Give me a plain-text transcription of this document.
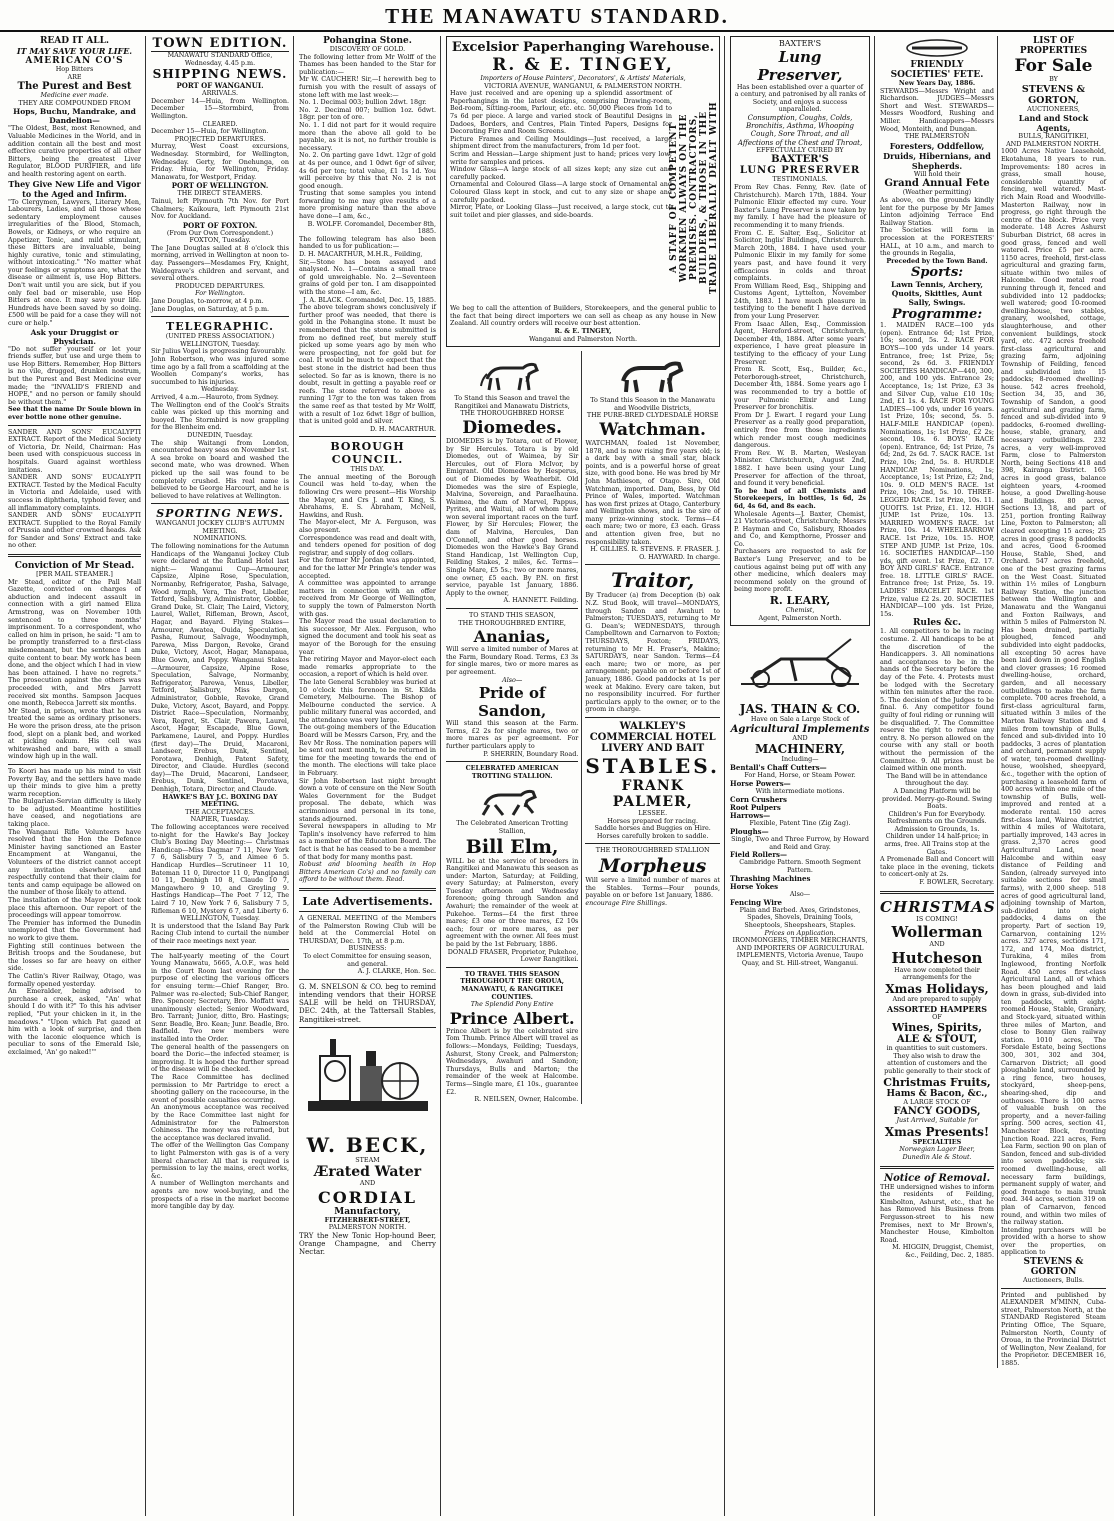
THE MANAWATU STANDARD.
READ IT ALL.
IT MAY SAVE YOUR LIFE.
AMERICAN CO'S
Hop Bitters
ARE
The Purest and Best
Medicine ever made.
THEY ARE COMPOUNDED FROM
Hops, Buchu, Mandrake, and Dandelion—
"The Oldest, Best, most Renowned, and Valuable Medicines in the World, and in addition contain all the best and most effective curative properties of all other Bitters, being the greatest Liver Regulator, BLOOD PURIFIER, and life and health restoring agent on earth.
They Give New Life and Vigor to the Aged and Infirm.
"To Clergymen, Lawyers, Literary Men, Labourers, Ladies, and all those whose sedentary employment causes irregularities of the Blood, Stomach, Bowels, or Kidneys, or who require an Appetizer, Tonic, and mild stimulant, these Bitters are invaluable, being highly curative, tonic and stimulating, without intoxicating." "No matter what your feelings or symptoms are, what the disease or ailment is, use Hop Bitters. Don't wait until you are sick, but if you only feel bad or miserable, use Hop Bitters at once. It may save your life. Hundreds have been saved by so doing. £500 will be paid for a case they will not cure or help."
Ask your Druggist or Physician.
"Do not suffer yourself or let your friends suffer, but use and urge them to use Hop Bitters. Remember, Hop Bitters is no vile, drugged, drunken nostrum, but the Purest and Best Medicine ever made; the "INVALID'S FRIEND and HOPE," and no person or family should be without them."
See that the name Dr Soule blown in ever bottle none other genuine.
SANDER AND SONS' EUCALYPTI EXTRACT. Report of the Medical Society of Victoria, Dr. Neild, Chairman: Has been used with conspicuous success in hospitals. Guard against worthless imitations.
SANDER AND SONS' EUCALYPTI EXTRACT. Tested by the Medical Faculty in Victoria and Adelaide, used with success in diphtheria, typhoid fever, and all inflammatory complaints.
SANDER AND SONS' EUCALYPTI EXTRACT. Supplied to the Royal Family of Prussia and other crowned heads. Ask for Sander and Sons' Extract and take no other.
Conviction of Mr Stead.
[PER MAIL STEAMER.]
Mr Stead, editor of the Pall Mall Gazette, convicted on charges of abduction and indecent assault in connection with a girl named Eliza Armstrong, was on November 10th sentenced to three months' imprisonment. To a correspondent, who called on him in prison, he said: "I am to be promptly transferred to a first-class misdemeanant, but the sentence I am quite content to bear. My work has been done, and the object which I had in view has been attained. I have no regrets." The prosecution against the others was proceeded with, and Mrs Jarrett received six months. Sampson Jacques one month, Rebecca Jarrett six months.
Mr Stead, in prison, wrote that he was treated the same as ordinary prisoners. He wore the prison dress, ate the prison food, slept on a plank bed, and worked at picking oakum. His cell was whitewashed and bare, with a small window high up in the wall.
To Koori has made up his mind to visit Poverty Bay, and the settlers have made up their minds to give him a pretty warm reception.
The Bulgarian-Servian difficulty is likely to be adjusted. Meantime hostilities have ceased, and negotiations are taking place.
The Wanganui Rifle Volunteers have resolved that the Hon the Defence Minister having sanctioned an Easter Encampment at Wanganui, the Volunteers of the district cannot accept any invitation elsewhere, and respectfully contend that their claim for tents and camp equipage be allowed on the number of those likely to attend.
The installation of the Mayor elect took place this afternoon. Our report of the proceedings will appear tomorrow.
The Premier has informed the Dunedin unemployed that the Government had no work to give them.
Fighting still continues between the British troops and the Soudanese, but the losses so far are heavy on either side.
The Catlin's River Railway, Otago, was formally opened yesterday.
An Emeralder, being advised to purchase a creek, asked, "An' what should I do with it?" To this his adviser replied, "Put your chicken in it, in the meadows." "Upon which Pat gazed at him with a look of surprise, and then with the laconic eloquence which is peculiar to sons of the Emerald Isle, exclaimed, 'An' go naked!'"
TOWN EDITION.
MANAWATU STANDARD Office, Wednesday, 4.45 p.m.
SHIPPING NEWS.
PORT OF WANGANUI.
ARRIVALS.
December 14—Huia, from Wellington. December 15—Stormbird, from Wellington.
CLEARED.
December 15—Huia, for Wellington.
PROJECTED DEPARTURES.
Murray, West Coast excursions, Wednesday. Stormbird, for Wellington, Wednesday. Gerty, for Onehunga, on Friday. Huia, for Wellington, Friday. Manawatu, for Westport, Friday.
PORT OF WELLINGTON.
THE DIRECT STEAMERS.
Tainui, left Plymouth 7th Nov. for Port Chalmers; Kaikoura, left Plymouth 21st Nov. for Auckland.
PORT OF FOXTON.
(From Our Own Correspondent.)
FOXTON, Tuesday.
The Jane Douglas sailed at 8 o'clock this morning, arrived in Wellington at noon to-day. Passengers—Mesdames Fry, Knight, Waldegrave's children and servant, and several others.
PRODUCED DEPARTURES.
For Wellington.
Jane Douglas, to-morrow, at 4 p.m.
Jane Douglas, on Saturday, at 5 p.m.
TELEGRAPHIC.
(UNITED PRESS ASSOCIATION.)
WELLINGTON, Tuesday.
Sir Julius Vogel is progressing favourably.
John Robertson, who was injured some time ago by a fall from a scaffolding at the Woollen Company's works, has succumbed to his injuries.
Wednesday.
Arrived, 4 a.m.—Hauroto, from Sydney.
The Wellington end of the Cook's Straits cable was picked up this morning and buoyed. The Stormbird is now grappling for the Blenheim end.
DUNEDIN, Tuesday.
The ship Waitangi from London, encountered heavy seas on November 1st. A sea broke on board and washed the second mate, who was drowned. When picked up the sail was found to be completely crushed. His real name is believed to be George Harcourt, and he is believed to have relatives at Wellington.
SPORTING NEWS.
WANGANUI JOCKEY CLUB'S AUTUMN MEETING.
NOMINATIONS.
The following nominations for the Autumn Handicaps of the Wanganui Jockey Club were declared at the Rutland Hotel last night:— Wanganui Cup—Armourer, Capsize, Alpine Rose, Speculation, Normanby, Refrigerator, Pasha, Salvage, Wood nymph, Vera, The Poet, Libeller, Tetford, Salisbury, Administrator, Gobble, Grand Duke, St. Clair, The Laird, Victory, Laurel, Wallet, Rifleman, Brown, Ascot, Hagar, and Bayard. Flying Stakes—Armourer, Awatea, Ouida, Speculation, Pasha, Rumour, Salvage, Woodnymph, Parewa, Miss Dargon, Revoke, Grand Duke, Victory, Ascot, Hagar, Manapaua, Blue Gown, and Poppy. Wanganui Stakes—Armourer, Capsize, Alpine Rose, Speculation, Salvage, Normanby, Refrigerator, Parewa, Venus, Libeller, Tetford, Salisbury, Miss Dargon, Administrator, Gobble, Revoke, Grand Duke, Victory, Ascot, Bayard, and Poppy. District Race—Speculation, Normanby, Vera, Regret, St. Clair, Pawera, Laurel, Ascot, Hagar, Escapade, Blue Gown, Parkamene, Laurel, and Poppy. Hurdles (first day)—The Druid, Macaroni, Landseer, Erebus, Dunk, Sentinel, Porotawa, Denhigh, Patent Safety, Director, and Claude. Hurdles (second day)—The Druid, Macaroni, Landseer, Erebus, Dunk, Sentinel, Porotawa, Denhigh, Totara, Director, and Claude.
HAWKE'S BAY J.C. BOXING DAY MEETING.
THE ACCEPTANCES.
NAPIER, Tuesday.
The following acceptances were received to-night for the Hawke's Bay Jockey Club's Boxing Day Meeting:— Christmas Handicap—Miss Dagmar 7 11, New York 7 6, Salisbury 7 5, and Aimee 6 5. Handicap Hurdles—Scrutineer 11 10, Bateman 11 0, Director 11 0, Pangipangi 10 11, Denhigh 10 8, Claude 10 7, Mangawhero 9 10, and Greyling 9. Hastings Handicap—The Poet 7 12, The Laird 7 10, New York 7 6, Salisbury 7 5, Rifleman 6 10, Mystery 6 7, and Liberty 6.
WELLINGTON, Tuesday.
It is understood that the Island Bay Park Racing Club intend to curtail the number of their race meetings next year.
The half-yearly meeting of the Court Young Manawatu, 5665, A.O.F., was held in the Court Room last evening for the purpose of electing the various officers for ensuing term:—Chief Ranger, Bro. Palmer was re-elected; Sub-Chief Ranger, Bro. Spencer; Secretary, Bro. Moffatt was unanimously elected; Senior Woodward, Bro. Tarrant; Junior, ditto, Bro. Hastings; Senr. Beadle, Bro. Kean; Junr. Beadle, Bro. Badfield. Two new members were installed into the Order.
The general health of the passengers on board the Doric—the infected steamer, is improving. It is hoped the further spread of the disease will be checked.
The Race Committee has declined permission to Mr Partridge to erect a shooting gallery on the racecourse, in the event of possible casualties occurring.
An anonymous acceptance was received by the Race Committee last night for Administrator for the Palmerston Cohiness. The money was returned, but the acceptance was declared invalid.
The offer of the Wellington Gas Company to light Palmerston with gas is of a very liberal character. All that is required is permission to lay the mains, erect works, &c.
A number of Wellington merchants and agents are now wool-buying, and the prospects of a rise in the market become more tangible day by day.
Pohangina Stone.
DISCOVERY OF GOLD.
The following letter from Mr Wolff of the Thames has been handed to the Star for publication:—
Mr W. CAUCHER! Sir,—I herewith beg to furnish you with the result of assays of stone left with me last week:—
No. 1. Decimal 003; bullion 2dwt. 18gr.
No. 2. Decimal 007; bullion 1oz. 6dwt. 18gr. per ton of ore.
No. 1. I did not part for it would require more than the above all gold to be payable, as it is not, no further trouble is necessary.
No. 2. On parting gave 1dwt. 12gr of gold at 4s per ounce, and 1 0dwt 6gr of silver, 4s 6d per ton; total value, £1 1s 1d. You will perceive by this that No. 2 is not good enough.
Trusting that some samples you intend forwarding to me may give results of a more promising nature than the above have done—I am, &c.,
B. WOLFF. Coromandel, December 8th, 1885.
The following telegram has also been handed to us for publication:—
D. H. MACARTHUR, M.H.R., Feilding,
Sir,—Stone has been assayed and analysed. No. 1—Contains a small trace of gold unweighable. No. 2—Seventeen grains of gold per ton. I am disappointed with the stone—I am, &c.
J. A. BLACK. Coromandel, Dec. 15, 1885.
The above telegram shows conclusively if further proof was needed, that there is gold in the Pohangina stone. It must be remembered that the stone submitted is from no defined reef, but merely stuff picked up some years ago by men who were prospecting, not for gold but for coal. It would be much to expect that the best stone in the district had been thus selected. So far as is known, there is no doubt, result in getting a payable reef or reefs. The stone referred to above as running 17gr to the ton was taken from the same reef as that tested by Mr Wolff, with a result of 1oz 6dwt 18gr of bullion, that is united gold and silver.
D. H. MACARTHUR.
BOROUGH COUNCIL.
THIS DAY.
The annual meeting of the Borough Council was held to-day, when the following Crs were present—His Worship the Mayor, and Crs J. and T. King, S. Abrahams, E. S. Abraham, McNeil, Hawkins, and Rush.
The Mayor-elect, Mr A. Ferguson, was also present.
Correspondence was read and dealt with, and tenders opened for position of dog registrar, and supply of dog collars.
For the former Mr Jordan was appointed, and for the latter Mr Pringle's tender was accepted.
A committee was appointed to arrange matters in connection with an offer received from Mr George of Wellington, to supply the town of Palmerston North with gas.
The Mayor read the usual declaration to his successor, Mr Alex. Ferguson, who signed the document and took his seat as mayor of the Borough for the ensuing year.
The retiring Mayor and Mayor-elect each made remarks appropriate to the occasion, a report of which is held over.
The late General Scrabbley was buried at 10 o'clock this forenoon in St. Kilda Cemetery, Melbourne. The Bishop of Melbourne conducted the service. A public military funeral was accorded, and the attendance was very large.
The out-going members of the Education Board will be Messrs Carson, Fry, and the Rev Mr Ross. The nomination papers will be sent out next month, to be returned in time for the meeting towards the end of the month. The elections will take place in February.
Sir John Robertson last night brought down a vote of censure on the New South Wales Government for the Budget proposal. The debate, which was acrimonious and personal in its tone, stands adjourned.
Several newspapers in alluding to Mr Taplin's insolvency have referred to him as a member of the Education Board. The fact is that he has ceased to be a member of that body for many months past.
Robust and blooming health in Hop Bitters American Co's) and no family can afford to be without them. Read.
Late Advertisements.
A GENERAL MEETING of the Members of the Palmerston Rowing Club will be held at the Commercial Hotel on THURSDAY, Dec. 17th, at 8 p.m.
BUSINESS:
To elect Committee for ensuing season, and general.
A. J. CLARKE, Hon. Sec.
G. M. SNELSON & CO. beg to remind intending vendors that their HORSE SALE will be held on THURSDAY, DEC. 24th, at the Tattersall Stables, Rangitikei-street.
W. BECK,
STEAM
Ærated Water
AND
CORDIAL
Manufactory,
FITZHERBERT-STREET,
PALMERSTON NORTH.
TRY the New Tonic Hop-hound Beer, Orange Champagne, and Cherry Nectar.
Excelsior Paperhanging Warehouse.
R. & E. TINGEY,
Importers of House Painters', Decorators', & Artists' Materials,
VICTORIA AVENUE, WANGANUI, & PALMERSTON NORTH.
Have just received and are opening up a splendid assortment of Paperhangings in the latest designs, comprising Drawing-room, Bed-room, Sitting-room, Parlour, etc. etc. 50,000 Pieces from 1d to 7s 6d per piece. A large and varied stock of Beautiful Designs in Dadoes, Borders, and Centres, Plain Tinted Papers, Designs for Decorating Fire and Room Screens.
Picture Frames and Ceiling Mouldings—Just received, a large shipment direct from the manufacturers, from 1d per foot.
Scrim and Hessian—Large shipment just to hand; prices very low; write for samples and prices.
Window Glass—A large stock of all sizes kept; any size cut and carefully packed.
Ornamental and Coloured Glass—A large stock of Ornamental and Coloured Glass kept in stock, and cut to any size or shape and carefully packed.
Mirror, Plate, or Looking Glass—Just received, a large stock, cut to suit toilet and pier glasses, and side-boards.	A STAFF OF COMPETENT WORKMEN ALWAYS ON THE PREMISES. CONTRACTORS, BUILDERS, & THOSE IN THE TRADE LIBERALLY DEALT WITH
We beg to call the attention of Builders, Storekeepers, and the general public to the fact that being direct importers we can sell as cheap as any house in New Zealand. All country orders will receive our best attention.
R. & E. TINGEY,
Wanganui and Palmerston North.
To Stand this Season and travel the Rangitikei and Manawatu Districts,
THE THOROUGHBRED HORSE
Diomedes.
DIOMEDES is by Totara, out of Flower, by Sir Hercules. Totara is by old Diomedes, out of Waimea, by Sir Hercules, out of Flora McIvor, by Emigrant. Old Diomedes by Hesperus, out of Diomedes by Weatherbit. Old Diomedes was the sire of Espiegle, Malvina, Sovereign, and Paraelhauna. Waimea, the dam of Marvel, Pappus, Pyrites, and Waitui, all of whom have won several important races on the turf. Flower, by Sir Hercules; Flower, the dam of Malvina, Hercules, Dan O'Connell, and other good horses. Diomedes won the Hawke's Bay Grand Stand Handicap, 1st Wellington Cup, Feilding Stakes, 2 miles, &c. Terms—Single Mare, £5 5s.; two or more mares, one owner, £5 each. By P.N. on first service, payable 1st January, 1886. Apply to the owner,
A. HANNETT. Feilding.
TO STAND THIS SEASON,
THE THOROUGHBRED ENTIRE,
Ananias,
Will serve a limited number of Mares at the Farm, Boundary Road. Terms, £3 3s for single mares, two or more mares as per agreement.
Also—
Pride of Sandon,
Will stand this season at the Farm. Terms, £2 2s for single mares, two or more mares as per agreement. For further particulars apply to
P. SHERRIN, Boundary Road.
CELEBRATED AMERICAN TROTTING STALLION.
The Celebrated American Trotting Stallion,
Bill Elm,
WILL be at the service of breeders in Rangitikei and Manawatu this season as under: Marton, Saturday; at Feilding, every Saturday; at Palmerston, every Tuesday afternoon and Wednesday forenoon; going through Sandon and Awahuri; the remainder of the week at Pukehoe. Terms—£4 the first three mares; £3 one or three mares, £2 10s each; four or more mares, as per agreement with the owner. All fees must be paid by the 1st February, 1886.
DONALD FRASER, Proprietor, Pukehoe, Lower Rangitikei.
TO TRAVEL THIS SEASON THROUGHOUT THE OROUA, MANAWATU, & RANGITIKEI COUNTIES.
The Splendid Pony Entire
Prince Albert.
Prince Albert is by the celebrated sire Tom Thumb. Prince Albert will travel as follows:—Mondays, Feilding; Tuesdays, Ashurst, Stony Creek, and Palmerston; Wednesdays, Awahuri and Sandon; Thursdays, Bulls and Marton; the remainder of the week at Halcombe. Terms—Single mare, £1 10s., guarantee £2.
R. NEILSEN, Owner, Halcombe.
To Stand this Season in the Manawatu and Woodville Districts,
THE PURE-BRED CLYDESDALE HORSE
Watchman.
WATCHMAN, foaled 1st November, 1878, and is now rising five years old; is a dark bay with a small star, black points, and is a powerful horse of great size, with good bone. He was bred by Mr John Mathieson, of Otago. Sire, Old Watchman, imported. Dam, Bess, by Old Prince of Wales, imported. Watchman has won first prizes at Otago, Canterbury and Wellington shows, and is the sire of many prize-winning stock. Terms—£4 each mare; two or more, £3 each. Grass and attention given free, but no responsibility taken.
H. GILLIES. R. STEVENS. F. FRASER. J. O. HAYWARD. In charge.
Traitor,
By Traducer (a) from Deception (b) oak N.Z. Stud Book, will travel—MONDAYS, through Sandon and Awahuri to Palmerston; TUESDAYS, returning to Mr G. Dean's; WEDNESDAYS, through Campbelltown and Carnarvon to Foxton; THURSDAYS, Foxton; FRIDAYS, returning to Mr H. Fraser's, Makino; SATURDAYS, near Sandon. Terms—£4 each mare; two or more, as per arrangement; payable on or before 1st of January, 1886. Good paddocks at 1s per week at Makino. Every care taken, but no responsibility incurred. For further particulars apply to the owner, or to the groom in charge.
WALKLEY'S COMMERCIAL HOTEL
LIVERY AND BAIT
STABLES.
FRANK PALMER,
LESSEE.
Horses prepared for racing.
Saddle horses and Buggies on Hire.
Horses carefully broken to saddle.
THE THOROUGHBRED STALLION
Morpheus
Will serve a limited number of mares at the Stables. Terms—Four pounds, payable on or before 1st January, 1886.
encourage Fire Shillings.
BAXTER'S
Lung Preserver,
Has been established over a quarter of a century, and patronised by all ranks of Society, and enjoys a success unparalleled.
Consumption, Coughs, Colds, Bronchitis, Asthma, Whooping Cough, Sore Throat, and all Affections of the Chest and Throat,
EFFECTUALLY CURED BY
BAXTER'S
LUNG PRESERVER
TESTIMONIALS.
From Rev Chas. Fenny, Rev. (late of Christchurch). March 17th, 1884. Your Pulmonic Elixir effected my cure. Your Baxter's Lung Preserver is now taken by my family. I have had the pleasure of recommending it to many friends.
From C. E. Salter, Esq., Solicitor at Solicitor, Inglis' Buildings, Christchurch. March 20th, 1884. I have used your Pulmonic Elixir in my family for some years past, and have found it very efficacious in colds and throat complaints.
From William Reed, Esq., Shipping and Customs Agent, Lyttelton, November 24th, 1883. I have much pleasure in testifying to the benefit I have derived from your Lung Preserver.
From Isaac Allen, Esq., Commission Agent, Hereford-street, Christchurch, December 4th, 1884. After some years' experience, I have great pleasure in testifying to the efficacy of your Lung Preserver.
From R. Scott, Esq., Builder, &c., Peterborough-street, Christchurch, December 4th, 1884. Some years ago I was recommended to try a bottle of your Pulmonic Elixir and Lung Preserver for bronchitis.
From Dr J. Ewart. I regard your Lung Preserver as a really good preparation, entirely free from those ingredients which render most cough medicines dangerous.
From Rev. W. B. Marten, Wesleyan Minister. Christchurch, August 2nd, 1882. I have been using your Lung Preserver for affection of the throat, and found it very beneficial.
To be had of all Chemists and Storekeepers, in bottles, 1s 6d, 2s 6d, 4s 6d, and 8s each.
Wholesale Agents—J. Baxter, Chemist, 21 Victoria-street, Christchurch; Messrs P. Hayman and Co, Salisbury, Rhoades and Co, and Kempthorne, Prosser and Co.
Purchasers are requested to ask for Baxter's Lung Preserver, and to be cautious against being put off with any other medicine, which dealers may recommend solely on the ground of being more profit.
R. LEARY,
Chemist,
Agent, Palmerston North.
JAS. THAIN & CO.
Have on Sale a Large Stock of
Agricultural Implements
AND
MACHINERY,
Including—
Bentall's Chaff Cutters—
For Hand, Horse, or Steam Power.
Horse Powers—
With intermediate motions.
Corn Crushers
Root Pulpers
Harrows—
Flexible, Patent Tine (Zig Zag).
Ploughs—
Single, Two and Three Furrow, by Howard and Reid and Gray.
Field Rollers—
Cambridge Pattern. Smooth Segment Pattern.
Thrashing Machines
Horse Yokes
Also—
Fencing Wire
Plain and Barbed. Axes, Grindstones, Spades, Shovels, Draining Tools, Sheeptools, Sheepshears, Staples.
Prices on Application.
IRONMONGERS, TIMBER MERCHANTS, AND IMPORTERS OF AGRICULTURAL IMPLEMENTS, Victoria Avenue, Taupo Quay, and St. Hill-street, Wanganui.
FRIENDLY SOCIETIES' FETE.
New Years Day, 1886.
STEWARDS—Messrs Wright and Richardson. JUDGES—Messrs Short and West. STEWARDS—Messrs Woodford, Rushing and Miller. Handicappers—Messrs Wood, Monteith, and Dungan.
THE PALMERSTON
Foresters, Oddfellow, Druids, Hibernians, and Shepherds.
Will hold their
Grand Annual Fete
(Weather permitting)
As above, on the grounds kindly lent for the purpose by Mr James Linton adjoining Terrace End Railway Station.
The Societies will form in procession at the FORESTERS' HALL, at 10 a.m., and march to the grounds in Regalia,
Preceded by the Town Band.
Sports:
Lawn Tennis, Archery, Quoits, Skittles, Aunt Sally, Swings.
Programme:
1. MAIDEN RACE—100 yds (open). Entrance 6d; 1st Prize, 10s; second, 5s. 2. RACE FOR BOYS—100 yds under 14 years. Entrance, free; 1st Prize, 5s; second, 2s 6d. 3. FRIENDLY SOCIETIES HANDICAP—440, 300, 200, and 100 yds. Entrance 2s; Acceptance, 1s; 1st Prize, £3 3s and Silver Cup, value £10 10s; 2nd, £1 1s. 4. RACE FOR YOUNG LADIES—100 yds, under 16 years. 1st Prize, 10s; second, 5s. 5. HALF-MILE HANDICAP (open). Nominations, 1s; 1st Prize, £2 2s; second, 10s. 6. BOYS' RACE (open). Entrance, 6d; 1st Prize, 7s 6d; 2nd, 2s 6d. 7. SACK RACE. 1st Prize, 10s; 2nd, 5s. 8. HURDLE HANDICAP. Nominations, 1s; Acceptance, 1s; 1st Prize, £2; 2nd, 10s. 9. OLD MEN'S RACE. 1st Prize, 10s; 2nd, 5s. 10. THREE-LEGGED RACE. 1st Prize, 10s. 11. QUOITS. 1st Prize, £1. 12. HIGH JUMP. 1st Prize, 10s. 13. MARRIED WOMEN'S RACE. 1st Prize, 10s. 14. WHEELBARROW RACE. 1st Prize, 10s. 15. HOP, STEP AND JUMP. 1st Prize, 10s. 16. SOCIETIES HANDICAP—150 yds, gift event. 1st Prize, £2. 17. BOY AND GIRLS' RACE. Entrance free. 18. LITTLE GIRLS' RACE. Entrance free; 1st Prize, 5s. 19. LADIES' BRACELET RACE. 1st Prize, value £2 2s. 20. SOCIETIES HANDICAP—100 yds. 1st Prize, 15s.
Rules &c.
1. All competitors to be in racing costume. 2. All handicaps to be at the discretion of the Handicappers. 3. All nominations and acceptances to be in the hands of the Secretary before the day of the Fete. 4. Protests must be lodged with the Secretary within ten minutes after the race. 5. The decision of the Judges to be final. 6. Any competitor found guilty of foul riding or running will be disqualified. 7. The Committee reserve the right to refuse any entry. 8. No person allowed on the course with any stall or booth without the permission of the Committee. 9. All prizes must be claimed within one month.
The Band will be in attendance throughout the day.
A Dancing Platform will be provided. Merry-go-Round. Swing Boats.
Children's Fun for Everybody. Refreshments on the Grounds.
Admission to Grounds, 1s. Children under 14 half-price; in arms, free. All Trains stop at the Gates.
A Promenade Ball and Concert will take place in the evening, tickets to concert-only at 2s.
F. BOWLER, Secretary.
CHRISTMAS
IS COMING!
Wollerman
AND
Hutcheson
Have now completed their arrangements for the
Xmas Holidays,
And are prepared to supply
ASSORTED HAMPERS
OF
Wines, Spirits,
ALE & STOUT,
in quantities to suit customers. They also wish to draw the attention of customers and the public generally to their stock of
Christmas Fruits,
Hams & Bacon, &c.,
A LARGE STOCK OF
FANCY GOODS,
Just Arrived, Suitable for
Xmas Presents!
SPECIALTIES
Norwegian Lager Beer,
Dunedin Ale & Stout.
Notice of Removal.
THE undersigned wishes to inform the residents of Feilding, Kimbolton, Ashurst, etc., that he has Removed his Business from Fergusson-street to his new Premises, next to Mr Brown's, Manchester House, Kimbolton Road.
M. HIGGIN, Druggist, Chemist, &c., Feilding, Dec. 2, 1885.
LIST OF PROPERTIES
For Sale
BY
STEVENS & GORTON,
AUCTIONEERS,
Land and Stock Agents,
BULLS, RANGITIKEI,
AND PALMERSTON NORTH.
1000 Acres Native Leasehold, Ekotahuna, 18 years to run. Improvements: 180 acres in grass, small house, considerable quantity of fencing, well watered. Mast-rich Main Road and Woodville-Masterton Railway, now in progress, go right through the centre of the block. Price very moderate. 148 Acres Ashurst Suburban District, 68 acres in good grass, fenced and well watered. Price £5 per acre. 1150 acres, freehold, first-class agricultural and grazing farm, situate within two miles of Halcombe. Good metal road running through it, fenced and subdivided into 12 paddocks; well watered; good 10-roomed dwelling-house, two stables, granary, woolshed, cottage, slaughterhouse, and other convenient buildings, stock yard, etc. 472 acres freehold first-class agricultural and grazing farm, adjoining Township of Feilding, fenced and subdivided into 15 paddocks; 8-roomed dwelling-house. 542 acres freehold, Section 34, 35, and 36, Township of Sandon, a good agricultural and grazing farm, fenced and sub-divided into 9 paddocks, 6-roomed dwelling-house, stable, granary, and necessary outbuildings. 232 acres, a very well-improved Farm, close to Palmerston North, being Sections 418 and 398, Kairanga District. 165 acres in good grass, balance eighteen years, 4-roomed house, a good Dwelling-house and Buildings. 80 acres, Sections 13, 18, and part of 251, portion fronting Railway Line, Foxton to Palmerston; all cleared excepting 15 acres; 25 acres in good grass; 8 paddocks and acres, Good 6-roomed House, Stable, Shed, and Orchard. 547 acres freehold, one of the best grazing farms on the West Coast. Situated within 1½ miles of Longburn Railway Station, the junction between the Wellington and Manawatu and the Wanganui and Foxton Railways, and within 5 miles of Palmerston N. Has been drained, partially ploughed, fenced and subdivided into eight paddocks, all excepting 50 acres have been laid down in good English and clover grasses; 16 roomed dwelling-house, orchard, garden, and all necessary outbuildings to make the farm complete. 700 acres freehold, a first-class agricultural farm, situated within 3 miles of the Marton Railway Station and 4 miles from township of Bulls, fenced and sub-divided into 10 paddocks, 3 acres of plantation and orchard, permanent supply of water, ten-roomed dwelling-house, woolshed, sheepyard, &c., together with the option of purchasing a leasehold farm of 400 acres within one mile of the township of Bulls, well-improved and rented at a moderate rental. 150 acres first-class land, Wairoa district, within 4 miles of Waitotara, partially improved, 143 acres in grass. 2,370 acres good Agricultural Land, near Halcombe and within easy distance of Feilding and Sandon, (already surveyed into suitable sections for small farms), with 2,000 sheep. 518 acres of good agricultural land, adjoining township of Marton, sub-divided into eight paddocks, 4 dams on the property. Part of section 19, Carnarvon, containing 12½ acres. 327 acres, sections 171, 172, and 174, Moa district, Turakina, 4 miles from Inglewood, fronting Norfolk Road. 450 acres first-class Agricultural Land, all of which has been ploughed and laid down in grass, sub-divided into ten paddocks, with eight-roomed House, Stable, Granary, and Stock-yard, situated within three miles of Marton, and close to Bonny Glen railway station. 1010 acres, The Forsdale Estate, being Sections 300, 301, 302 and 304, Carnarvon District; all good ploughable land, surrounded by a ring fence, two houses, stockyard, sheep-pens, shearing-shed, dip and outhouses. There is 100 acres of valuable bush on the property, and a never-failing spring. 500 acres, section 41, Manchester Block, fronting Junction Road. 221 acres, Fern Lea Farm, section 90 on plan of Sandon, fenced and sub-divided into seven paddocks; six-roomed dwelling-house, all necessary farm buildings, permanent supply of water, and good frontage to main trunk road. 344 acres, section 319 on plan of Carnarvon, fenced round, and within two miles of the railway station.
Intending purchasers will be provided with a horse to show over the properties, on application to
STEVENS & GORTON
Auctioneers, Bulls.
Printed and published by ALEXANDER M'MINN, Cuba-street, Palmerston North, at the STANDARD Registered Steam Printing Office, The Square, Palmerston North, County of Oroua, in the Provincial District of Wellington, New Zealand, for the Proprietor. DECEMBER 16, 1885.
